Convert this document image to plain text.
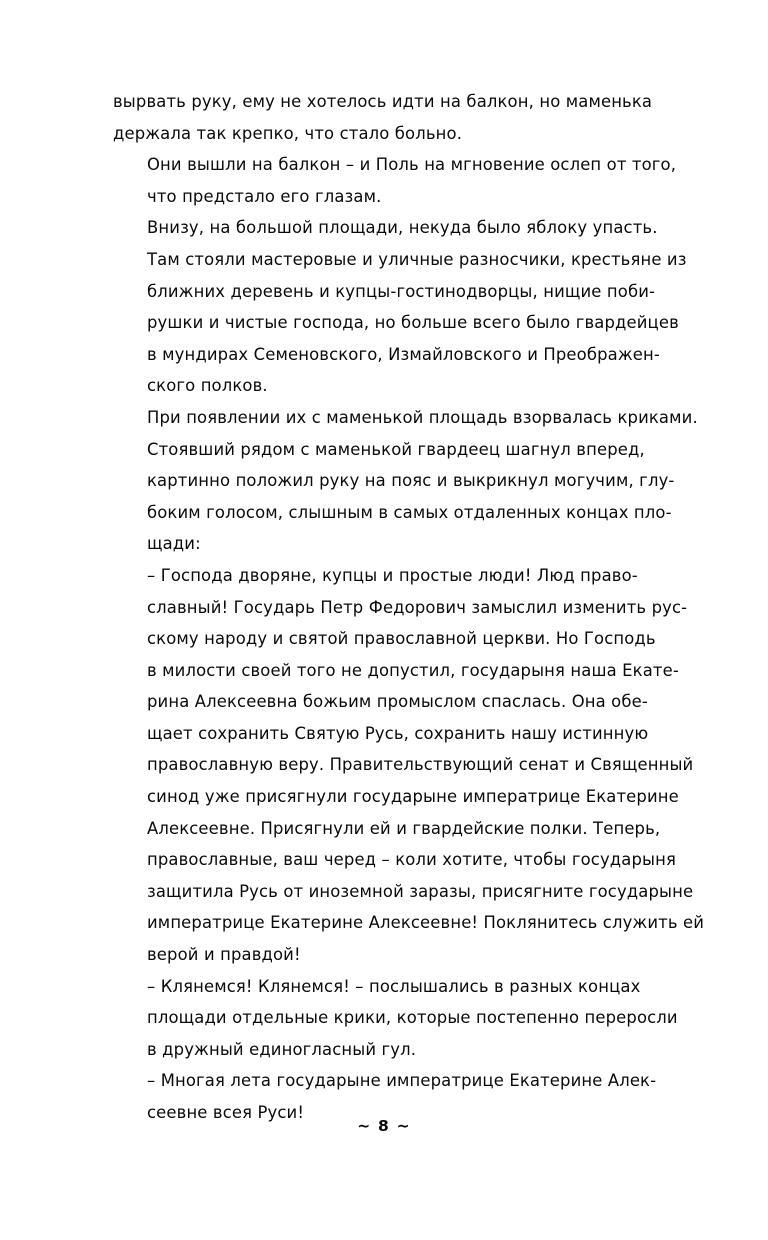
вырвать руку, ему не хотелось идти на балкон, но маменька
держала так крепко, что стало больно.

Они вышли на балкон – и Поль на мгновение ослеп от того,
что предстало его глазам.

Внизу, на большой площади, некуда было яблоку упасть.
Там стояли мастеровые и уличные разносчики, крестьяне из
ближних деревень и купцы-гостинодворцы, нищие поби-
рушки и чистые господа, но больше всего было гвардейцев
в мундирах Семеновского, Измайловского и Преображен-
ского полков.

При появлении их с маменькой площадь взорвалась криками.

Стоявший рядом с маменькой гвардеец шагнул вперед,
картинно положил руку на пояс и выкрикнул могучим, глу-
боким голосом, слышным в самых отдаленных концах пло-
щади:

– Господа дворяне, купцы и простые люди! Люд право-
славный! Государь Петр Федорович замыслил изменить рус-
скому народу и святой православной церкви. Но Господь
в милости своей того не допустил, государыня наша Екате-
рина Алексеевна божьим промыслом спаслась. Она обе-
щает сохранить Святую Русь, сохранить нашу истинную
православную веру. Правительствующий сенат и Священный
синод уже присягнули государыне императрице Екатерине
Алексеевне. Присягнули ей и гвардейские полки. Теперь,
православные, ваш черед – коли хотите, чтобы государыня
защитила Русь от иноземной заразы, присягните государыне
императрице Екатерине Алексеевне! Поклянитесь служить ей
верой и правдой!

– Клянемся! Клянемся! – послышались в разных концах
площади отдельные крики, которые постепенно переросли
в дружный единогласный гул.

– Многая лета государыне императрице Екатерине Алек-
сеевне всея Руси!

~ 8 ~
